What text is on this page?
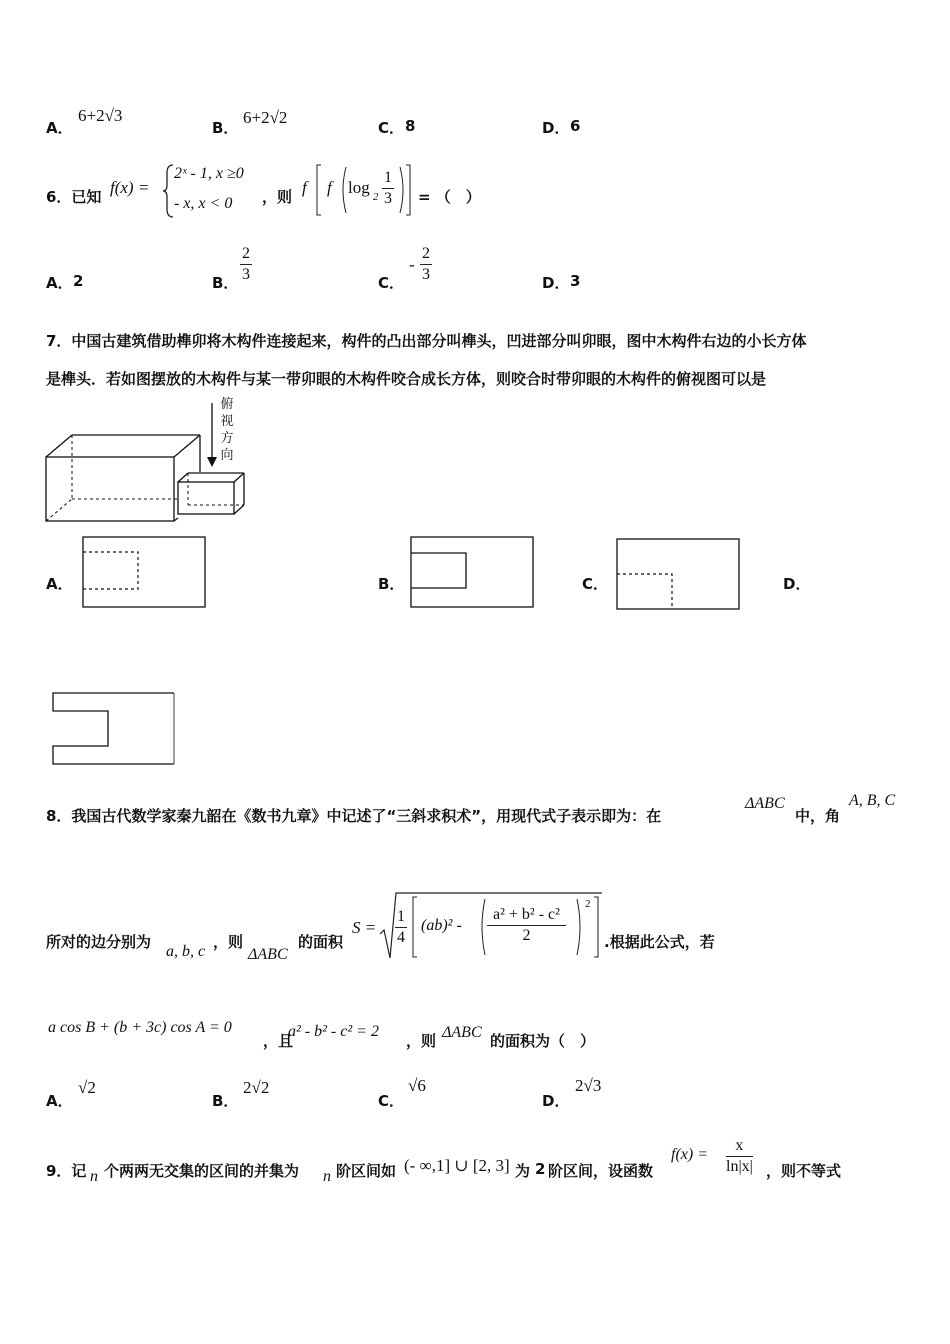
A．
6+2√3
B．
6+2√2
C． 8	D． 6
6．已知 f(x) =
2ˣ - 1, x ≥0
- x, x < 0 ，则 f f $\log 2 \frac{1}{3}$ = （　）
A． 2	B． $\frac{2}{3}$	C．
- $\frac{2}{3}$	D． 3
7．中国古建筑借助榫卯将木构件连接起来，构件的凸出部分叫榫头，凹进部分叫卯眼，图中木构件右边的小长方体
是榫头．若如图摆放的木构件与某一带卯眼的木构件咬合成长方体，则咬合时带卯眼的木构件的俯视图可以是
俯
视
方
向
A．	B．	C．	D．
8．我国古代数学家秦九韶在《数书九章》中记述了“三斜求积术”，用现代式子表示即为：在
ΔABC
中，角
A, B, C
所对的边分别为
a, b, c
，则
ΔABC
的面积
$S = \frac{1}{4} (ab)^2 - \frac{\text{a² + b² - c²}}{2}$
2
.根据此公式，若
a cos B + (b + 3c) cos A = 0
，且
a² - b² - c² = 2
，则 ΔABC 的面积为（　）
A．
√2
B．
2√2
C．
√6
D．
2√3
9．记 n 个两两无交集的区间的并集为 n 阶区间如 (- ∞,1] ∪ [2, 3] 为 2 阶区间，设函数
$f(x) = \frac{x}{\ln|x|}$ ，则不等式
